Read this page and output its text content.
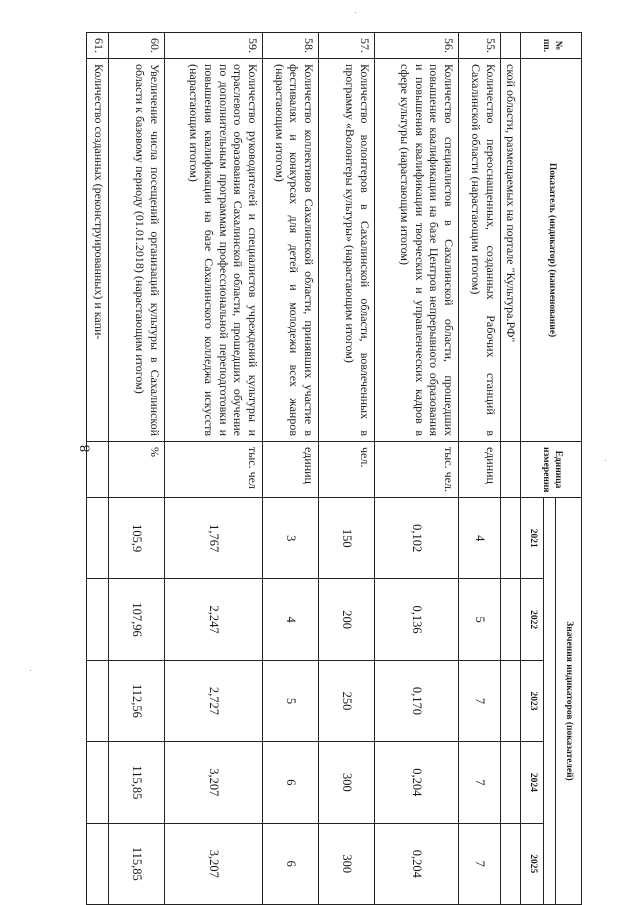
8
№ пп.	Показатель (индикатор) (наименование)	Единица измерения	Значения индикаторов (показателей)				

			2021	2022	2023	2024	2025
	ской области, размещаемых на портале "Культура.РФ"						
55.	Количество переоснащенных, созданных Рабочих станций в Сахалинской области (нарастающим итогом)	единиц	4	5	7	7	7
56.	Количество специалистов в Сахалинской области, прошедших повышение квалификации на базе Центров непрерывного образования и повышения квалификации творческих и управленческих кадров в сфере культуры (нарастающим итогом)	тыс. чел.	0,102	0,136	0,170	0,204	0,204
57.	Количество волонтеров в Сахалинской области, вовлеченных в программу «Волонтеры культуры» (нарастающим итогом)	чел.	150	200	250	300	300
58.	Количество коллективов Сахалинской области, принявших участие в фестивалях и конкурсах для детей и молодежи всех жанров (нарастающим итогом)	единиц	3	4	5	6	6
59.	Количество руководителей и специалистов учреждений культуры и отраслевого образования Сахалинской области, прошедших обучение по дополнительным программам профессиональной переподготовки и повышения квалификации на базе Сахалинского колледжа искусств (нарастающим итогом)	тыс. чел	1,767	2,247	2,727	3,207	3,207
60.	Увеличение числа посещений организаций культуры в Сахалинской области к базовому периоду (01.01.2018) (нарастающим итогом)	%	105,9	107,96	112,56	115,85	115,85
61.	Количество созданных (реконструированных) и капи-						
